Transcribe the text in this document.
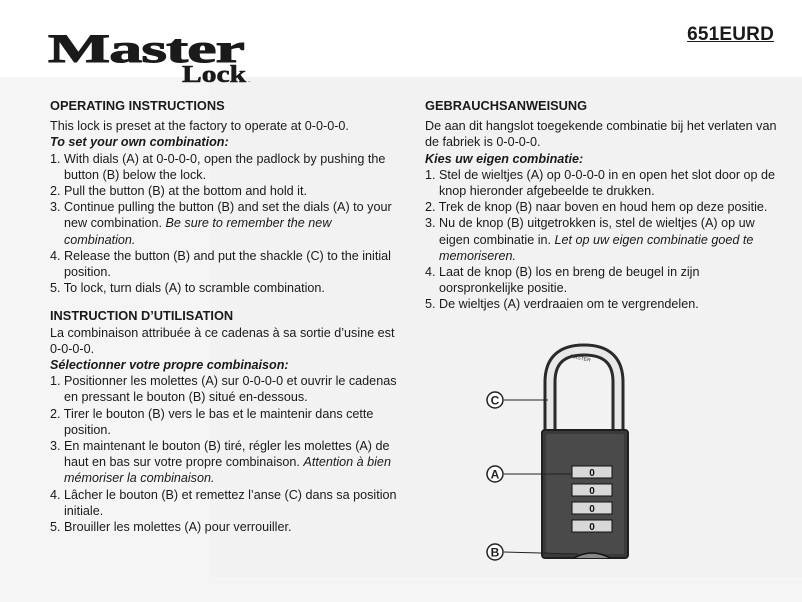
Master
Lock .
651EURD

OPERATING INSTRUCTIONS

This lock is preset at the factory to operate at 0-0-0-0.

To set your own combination:

1. With dials (A) at 0-0-0-0, open the padlock by pushing the button (B) below the lock.
2. Pull the button (B) at the bottom and hold it.
3. Continue pulling the button (B) and set the dials (A) to your new combination. Be sure to remember the new combination.
4. Release the button (B) and put the shackle (C) to the initial position.
5. To lock, turn dials (A) to scramble combination.

INSTRUCTION D’UTILISATION

La combinaison attribuée à ce cadenas à sa sortie d’usine est 0-0-0-0.

Sélectionner votre propre combinaison:

1. Positionner les molettes (A) sur 0-0-0-0 et ouvrir le cadenas en pressant le bouton (B) situé en-dessous.
2. Tirer le bouton (B) vers le bas et le maintenir dans cette position.
3. En maintenant le bouton (B) tiré, régler les molettes (A) de haut en bas sur votre propre combinaison. Attention à bien mémoriser la combinaison.
4. Lâcher le bouton (B) et remettez l’anse (C) dans sa position initiale.
5. Brouiller les molettes (A) pour verrouiller.

GEBRAUCHSANWEISUNG

De aan dit hangslot toegekende combinatie bij het verlaten van de fabriek is 0-0-0-0.

Kies uw eigen combinatie:

1. Stel de wieltjes (A) op 0-0-0-0 in en open het slot door op de knop hieronder afgebeelde te drukken.
2. Trek de knop (B) naar boven en houd hem op deze positie.
3. Nu de knop (B) uitgetrokken is, stel de wieltjes (A) op uw eigen combinatie in. Let op uw eigen combinatie goed te memoriseren.
4. Laat de knop (B) los en breng de beugel in zijn oorspronkelijke positie.
5. De wieltjes (A) verdraaien om te vergrendelen.
MASTER
0
0
0
0
C
A
B
